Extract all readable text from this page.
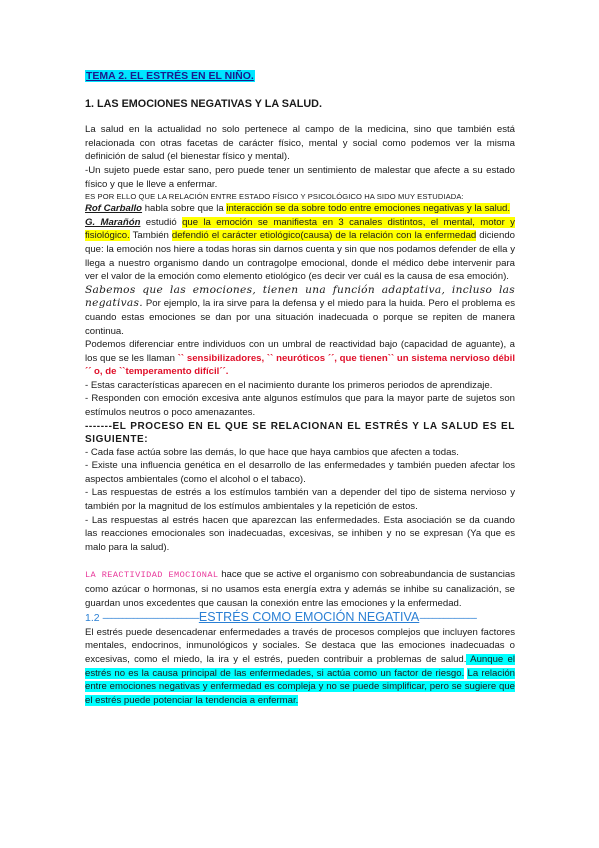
TEMA 2. EL ESTRÉS EN EL NIÑO.

1. LAS EMOCIONES NEGATIVAS Y LA SALUD.

La salud en la actualidad no solo pertenece al campo de la medicina, sino que también está relacionada con otras facetas de carácter físico, mental y social como podemos ver la misma definición de salud (el bienestar físico y mental).

-Un sujeto puede estar sano, pero puede tener un sentimiento de malestar que afecte a su estado físico y que le lleve a enfermar.

ES POR ELLO QUE LA RELACIÓN ENTRE ESTADO FÍSICO Y PSICOLÓGICO HA SIDO MUY ESTUDIADA:

Rof Carballo habla sobre que la interacción se da sobre todo entre emociones negativas y la salud.

G. Marañón estudió que la emoción se manifiesta en 3 canales distintos, el mental, motor y fisiológico. También defendió el carácter etiológico(causa) de la relación con la enfermedad diciendo que: la emoción nos hiere a todas horas sin darnos cuenta y sin que nos podamos defender de ella y llega a nuestro organismo dando un contragolpe emocional, donde el médico debe intervenir para ver el valor de la emoción como elemento etiológico (es decir ver cuál es la causa de esa emoción).

Sabemos que las emociones, tienen una función adaptativa, incluso las negativas. Por ejemplo, la ira sirve para la defensa y el miedo para la huida. Pero el problema es cuando estas emociones se dan por una situación inadecuada o porque se repiten de manera continua.

Podemos diferenciar entre individuos con un umbral de reactividad bajo (capacidad de aguante), a los que se les llaman `` sensibilizadores, `` neuróticos ´´, que tienen`` un sistema nervioso débil´´ o, de ``temperamento difícil´´.

- Estas características aparecen en el nacimiento durante los primeros periodos de aprendizaje.

- Responden con emoción excesiva ante algunos estímulos que para la mayor parte de sujetos son estímulos neutros o poco amenazantes.

-------EL PROCESO EN EL QUE SE RELACIONAN EL ESTRÉS Y LA SALUD ES EL SIGUIENTE:

- Cada fase actúa sobre las demás, lo que hace que haya cambios que afecten a todas.

- Existe una influencia genética en el desarrollo de las enfermedades y también pueden afectar los aspectos ambientales (como el alcohol o el tabaco).

- Las respuestas de estrés a los estímulos también van a depender del tipo de sistema nervioso y también por la magnitud de los estímulos ambientales y la repetición de estos.

- Las respuestas al estrés hacen que aparezcan las enfermedades. Esta asociación se da cuando las reacciones emocionales son inadecuadas, excesivas, se inhiben y no se expresan (Ya que es malo para la salud).

LA REACTIVIDAD EMOCIONAL hace que se active el organismo con sobreabundancia de sustancias como azúcar o hormonas, si no usamos esta energía extra y además se inhibe su canalización, se guardan unos excedentes que causan la conexión entre las emociones y la enfermedad.

1.2 --------------------------------------------ESTRÉS COMO EMOCIÓN NEGATIVA--------------------------

El estrés puede desencadenar enfermedades a través de procesos complejos que incluyen factores mentales, endocrinos, inmunológicos y sociales. Se destaca que las emociones inadecuadas o excesivas, como el miedo, la ira y el estrés, pueden contribuir a problemas de salud. Aunque el estrés no es la causa principal de las enfermedades, si actúa como un factor de riesgo. La relación entre emociones negativas y enfermedad es compleja y no se puede simplificar, pero se sugiere que el estrés puede potenciar la tendencia a enfermar.
